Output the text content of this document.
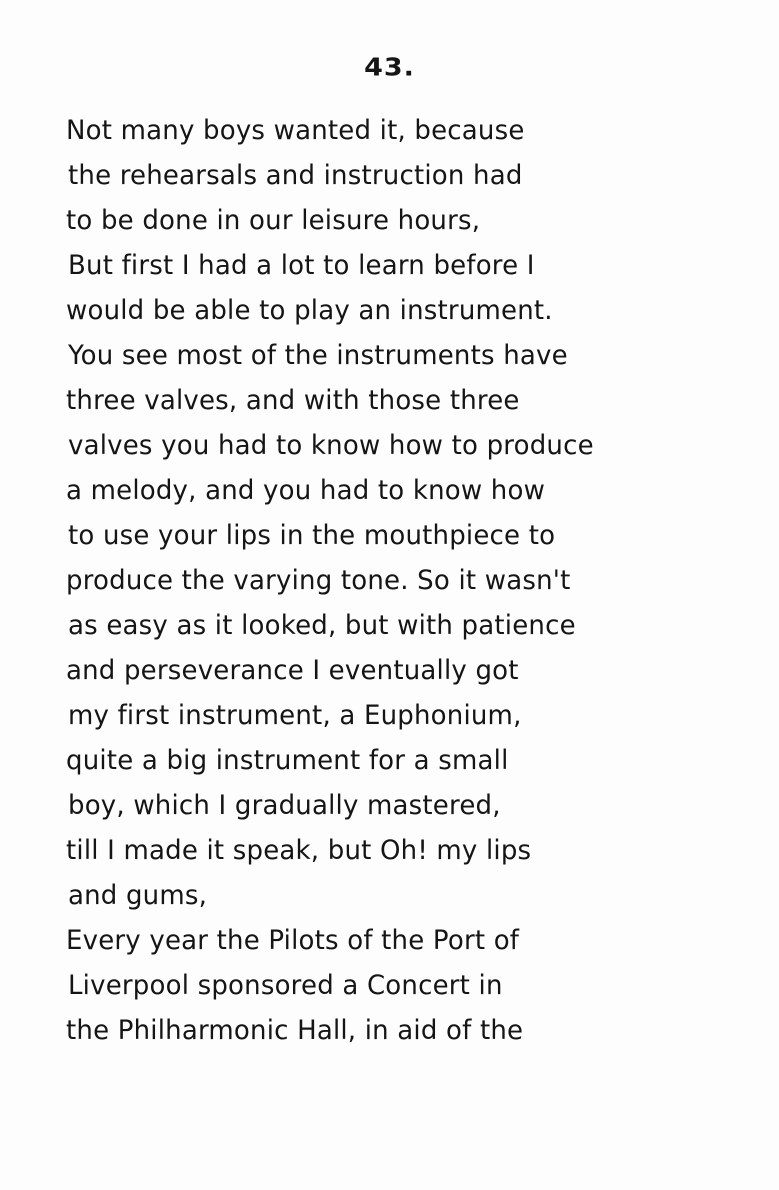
43.
Not many boys wanted it, because
the rehearsals and instruction had
to be done in our leisure hours,
But first I had a lot to learn before I
would be able to play an instrument.
You see most of the instruments have
three valves, and with those three
valves you had to know how to produce
a melody, and you had to know how
to use your lips in the mouthpiece to
produce the varying tone. So it wasn't
as easy as it looked, but with patience
and perseverance I eventually got
my first instrument, a Euphonium,
quite a big instrument for a small
boy, which I gradually mastered,
till I made it speak, but Oh! my lips
and gums,
Every year the Pilots of the Port of
Liverpool sponsored a Concert in
the Philharmonic Hall, in aid of the
